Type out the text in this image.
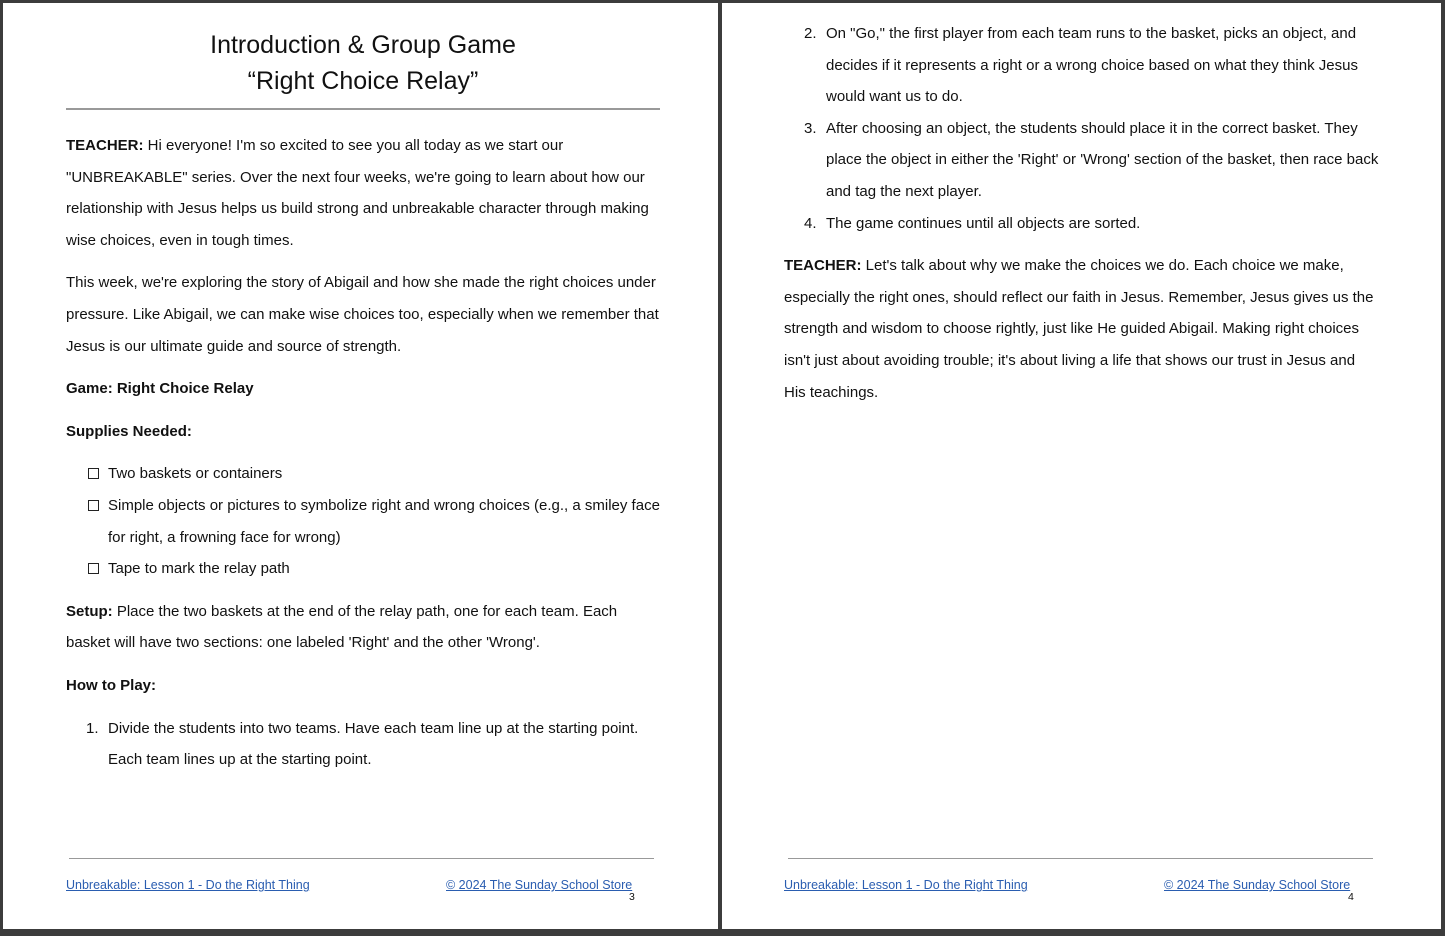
Introduction & Group Game
“Right Choice Relay”

TEACHER: Hi everyone! I'm so excited to see you all today as we start our "UNBREAKABLE" series. Over the next four weeks, we're going to learn about how our relationship with Jesus helps us build strong and unbreakable character through making wise choices, even in tough times.

This week, we're exploring the story of Abigail and how she made the right choices under pressure. Like Abigail, we can make wise choices too, especially when we remember that Jesus is our ultimate guide and source of strength.

Game: Right Choice Relay
Supplies Needed:
Two baskets or containers
Simple objects or pictures to symbolize right and wrong choices (e.g., a smiley face for right, a frowning face for wrong)
Tape to mark the relay path

Setup: Place the two baskets at the end of the relay path, one for each team. Each basket will have two sections: one labeled 'Right' and the other 'Wrong'.

How to Play:
1. Divide the students into two teams. Have each team line up at the starting point. Each team lines up at the starting point.
Unbreakable: Lesson 1 - Do the Right Thing	© 2024 The Sunday School Store
3
2. On "Go," the first player from each team runs to the basket, picks an object, and decides if it represents a right or a wrong choice based on what they think Jesus would want us to do.
3. After choosing an object, the students should place it in the correct basket. They place the object in either the 'Right' or 'Wrong' section of the basket, then race back and tag the next player.
4. The game continues until all objects are sorted.

TEACHER: Let's talk about why we make the choices we do. Each choice we make, especially the right ones, should reflect our faith in Jesus. Remember, Jesus gives us the strength and wisdom to choose rightly, just like He guided Abigail. Making right choices isn't just about avoiding trouble; it's about living a life that shows our trust in Jesus and His teachings.

Unbreakable: Lesson 1 - Do the Right Thing	© 2024 The Sunday School Store
4
